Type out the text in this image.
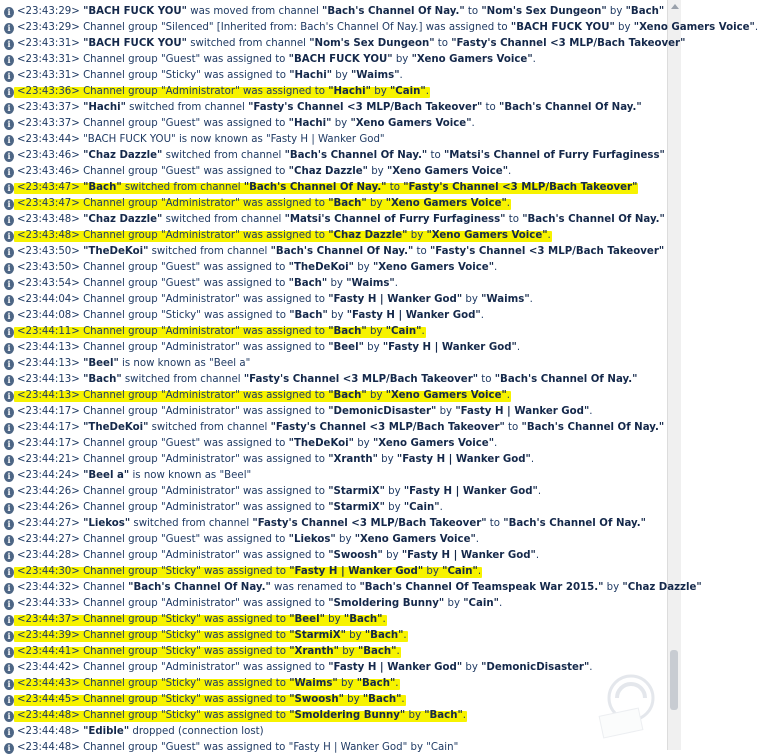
i <23:43:29> "BACH FUCK YOU" was moved from channel "Bach's Channel Of Nay." to "Nom's Sex Dungeon" by "Bach"
i <23:43:29> Channel group "Silenced" [Inherited from: Bach's Channel Of Nay.] was assigned to "BACH FUCK YOU" by "Xeno Gamers Voice".
i <23:43:31> "BACH FUCK YOU" switched from channel "Nom's Sex Dungeon" to "Fasty's Channel <3 MLP/Bach Takeover"
i <23:43:31> Channel group "Guest" was assigned to "BACH FUCK YOU" by "Xeno Gamers Voice".
i <23:43:31> Channel group "Sticky" was assigned to "Hachi" by "Waims".
i <23:43:36> Channel group "Administrator" was assigned to "Hachi" by "Cain".
i <23:43:37> "Hachi" switched from channel "Fasty's Channel <3 MLP/Bach Takeover" to "Bach's Channel Of Nay."
i <23:43:37> Channel group "Guest" was assigned to "Hachi" by "Xeno Gamers Voice".
i <23:43:44> "BACH FUCK YOU" is now known as "Fasty H | Wanker God"
i <23:43:46> "Chaz Dazzle" switched from channel "Bach's Channel Of Nay." to "Matsi's Channel of Furry Furfaginess"
i <23:43:46> Channel group "Guest" was assigned to "Chaz Dazzle" by "Xeno Gamers Voice".
i <23:43:47> "Bach" switched from channel "Bach's Channel Of Nay." to "Fasty's Channel <3 MLP/Bach Takeover"
i <23:43:47> Channel group "Administrator" was assigned to "Bach" by "Xeno Gamers Voice".
i <23:43:48> "Chaz Dazzle" switched from channel "Matsi's Channel of Furry Furfaginess" to "Bach's Channel Of Nay."
i <23:43:48> Channel group "Administrator" was assigned to "Chaz Dazzle" by "Xeno Gamers Voice".
i <23:43:50> "TheDeKoi" switched from channel "Bach's Channel Of Nay." to "Fasty's Channel <3 MLP/Bach Takeover"
i <23:43:50> Channel group "Guest" was assigned to "TheDeKoi" by "Xeno Gamers Voice".
i <23:43:54> Channel group "Guest" was assigned to "Bach" by "Waims".
i <23:44:04> Channel group "Administrator" was assigned to "Fasty H | Wanker God" by "Waims".
i <23:44:08> Channel group "Sticky" was assigned to "Bach" by "Fasty H | Wanker God".
i <23:44:11> Channel group "Administrator" was assigned to "Bach" by "Cain".
i <23:44:13> Channel group "Administrator" was assigned to "Beel" by "Fasty H | Wanker God".
i <23:44:13> "Beel" is now known as "Beel a"
i <23:44:13> "Bach" switched from channel "Fasty's Channel <3 MLP/Bach Takeover" to "Bach's Channel Of Nay."
i <23:44:13> Channel group "Administrator" was assigned to "Bach" by "Xeno Gamers Voice".
i <23:44:17> Channel group "Administrator" was assigned to "DemonicDisaster" by "Fasty H | Wanker God".
i <23:44:17> "TheDeKoi" switched from channel "Fasty's Channel <3 MLP/Bach Takeover" to "Bach's Channel Of Nay."
i <23:44:17> Channel group "Guest" was assigned to "TheDeKoi" by "Xeno Gamers Voice".
i <23:44:21> Channel group "Administrator" was assigned to "Xranth" by "Fasty H | Wanker God".
i <23:44:24> "Beel a" is now known as "Beel"
i <23:44:26> Channel group "Administrator" was assigned to "StarmiX" by "Fasty H | Wanker God".
i <23:44:26> Channel group "Administrator" was assigned to "StarmiX" by "Cain".
i <23:44:27> "Liekos" switched from channel "Fasty's Channel <3 MLP/Bach Takeover" to "Bach's Channel Of Nay."
i <23:44:27> Channel group "Guest" was assigned to "Liekos" by "Xeno Gamers Voice".
i <23:44:28> Channel group "Administrator" was assigned to "Swoosh" by "Fasty H | Wanker God".
i <23:44:30> Channel group "Sticky" was assigned to "Fasty H | Wanker God" by "Cain".
i <23:44:32> Channel "Bach's Channel Of Nay." was renamed to "Bach's Channel Of Teamspeak War 2015." by "Chaz Dazzle"
i <23:44:33> Channel group "Administrator" was assigned to "Smoldering Bunny" by "Cain".
i <23:44:37> Channel group "Sticky" was assigned to "Beel" by "Bach".
i <23:44:39> Channel group "Sticky" was assigned to "StarmiX" by "Bach".
i <23:44:41> Channel group "Sticky" was assigned to "Xranth" by "Bach".
i <23:44:42> Channel group "Administrator" was assigned to "Fasty H | Wanker God" by "DemonicDisaster".
i <23:44:43> Channel group "Sticky" was assigned to "Waims" by "Bach".
i <23:44:45> Channel group "Sticky" was assigned to "Swoosh" by "Bach".
i <23:44:48> Channel group "Sticky" was assigned to "Smoldering Bunny" by "Bach".
i <23:44:48> "Edible" dropped (connection lost)
i <23:44:48> Channel group "Guest" was assigned to "Fasty H | Wanker God" by "Cain"
